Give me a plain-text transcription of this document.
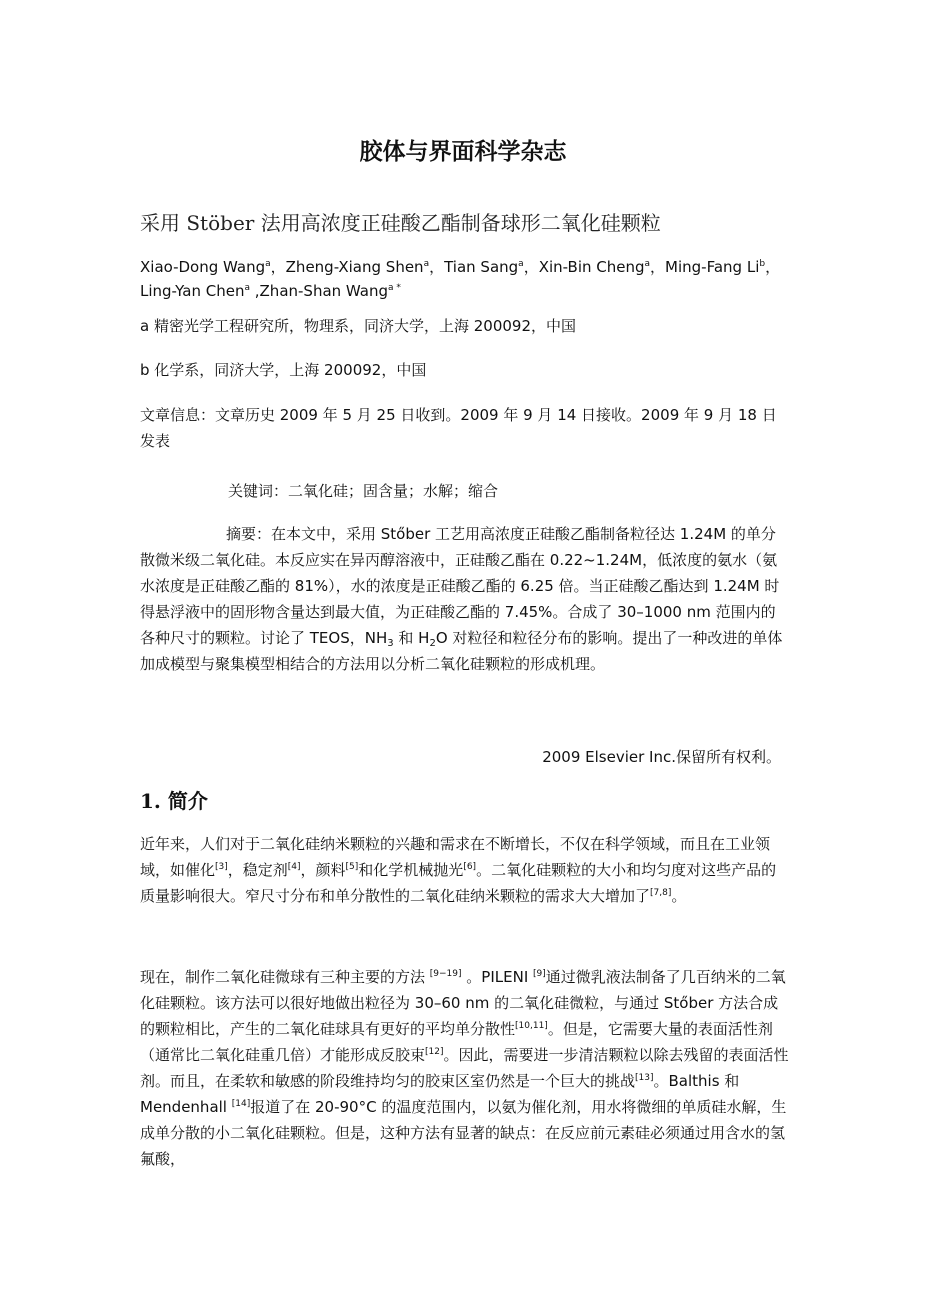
胶体与界面科学杂志
采用 Stöber 法用高浓度正硅酸乙酯制备球形二氧化硅颗粒
Xiao-Dong Wang$^a$，Zheng-Xiang Shen$^a$，Tian Sang$^a$，Xin-Bin Cheng$^a$，Ming-Fang Li$^b$，Ling-Yan Chen$^a$ ,Zhan-Shan Wang$^{a *}$
a 精密光学工程研究所，物理系，同济大学，上海 200092，中国
b 化学系，同济大学，上海 200092，中国
文章信息：文章历史 2009 年 5 月 25 日收到。2009 年 9 月 14 日接收。2009 年 9 月 18 日发表
关键词：二氧化硅；固含量；水解；缩合
摘要：在本文中，采用 Stőber 工艺用高浓度正硅酸乙酯制备粒径达 1.24M 的单分散微米级二氧化硅。本反应实在异丙醇溶液中，正硅酸乙酯在 0.22~1.24M，低浓度的氨水（氨水浓度是正硅酸乙酯的 81%），水的浓度是正硅酸乙酯的 6.25 倍。当正硅酸乙酯达到 1.24M 时得悬浮液中的固形物含量达到最大值，为正硅酸乙酯的 7.45%。合成了 30–1000 nm 范围内的各种尺寸的颗粒。讨论了 TEOS，$NH_3$ 和 $H_2O$ 对粒径和粒径分布的影响。提出了一种改进的单体加成模型与聚集模型相结合的方法用以分析二氧化硅颗粒的形成机理。
2009 Elsevier Inc.保留所有权利。
1. 简介
近年来，人们对于二氧化硅纳米颗粒的兴趣和需求在不断增长，不仅在科学领域，而且在工业领域，如催化[3]，稳定剂[4]，颜料[5]和化学机械抛光[6]。二氧化硅颗粒的大小和均匀度对这些产品的质量影响很大。窄尺寸分布和单分散性的二氧化硅纳米颗粒的需求大大增加了[7,8]。
现在，制作二氧化硅微球有三种主要的方法 [9−19] 。PILENI [9]通过微乳液法制备了几百纳米的二氧化硅颗粒。该方法可以很好地做出粒径为 30–60 nm 的二氧化硅微粒，与通过 Stőber 方法合成的颗粒相比，产生的二氧化硅球具有更好的平均单分散性[10,11]。但是，它需要大量的表面活性剂（通常比二氧化硅重几倍）才能形成反胶束[12]。因此，需要进一步清洁颗粒以除去残留的表面活性剂。而且，在柔软和敏感的阶段维持均匀的胶束区室仍然是一个巨大的挑战[13]。Balthis 和 Mendenhall [14]报道了在 20-90°C 的温度范围内，以氨为催化剂，用水将微细的单质硅水解，生成单分散的小二氧化硅颗粒。但是，这种方法有显著的缺点：在反应前元素硅必须通过用含水的氢氟酸，
